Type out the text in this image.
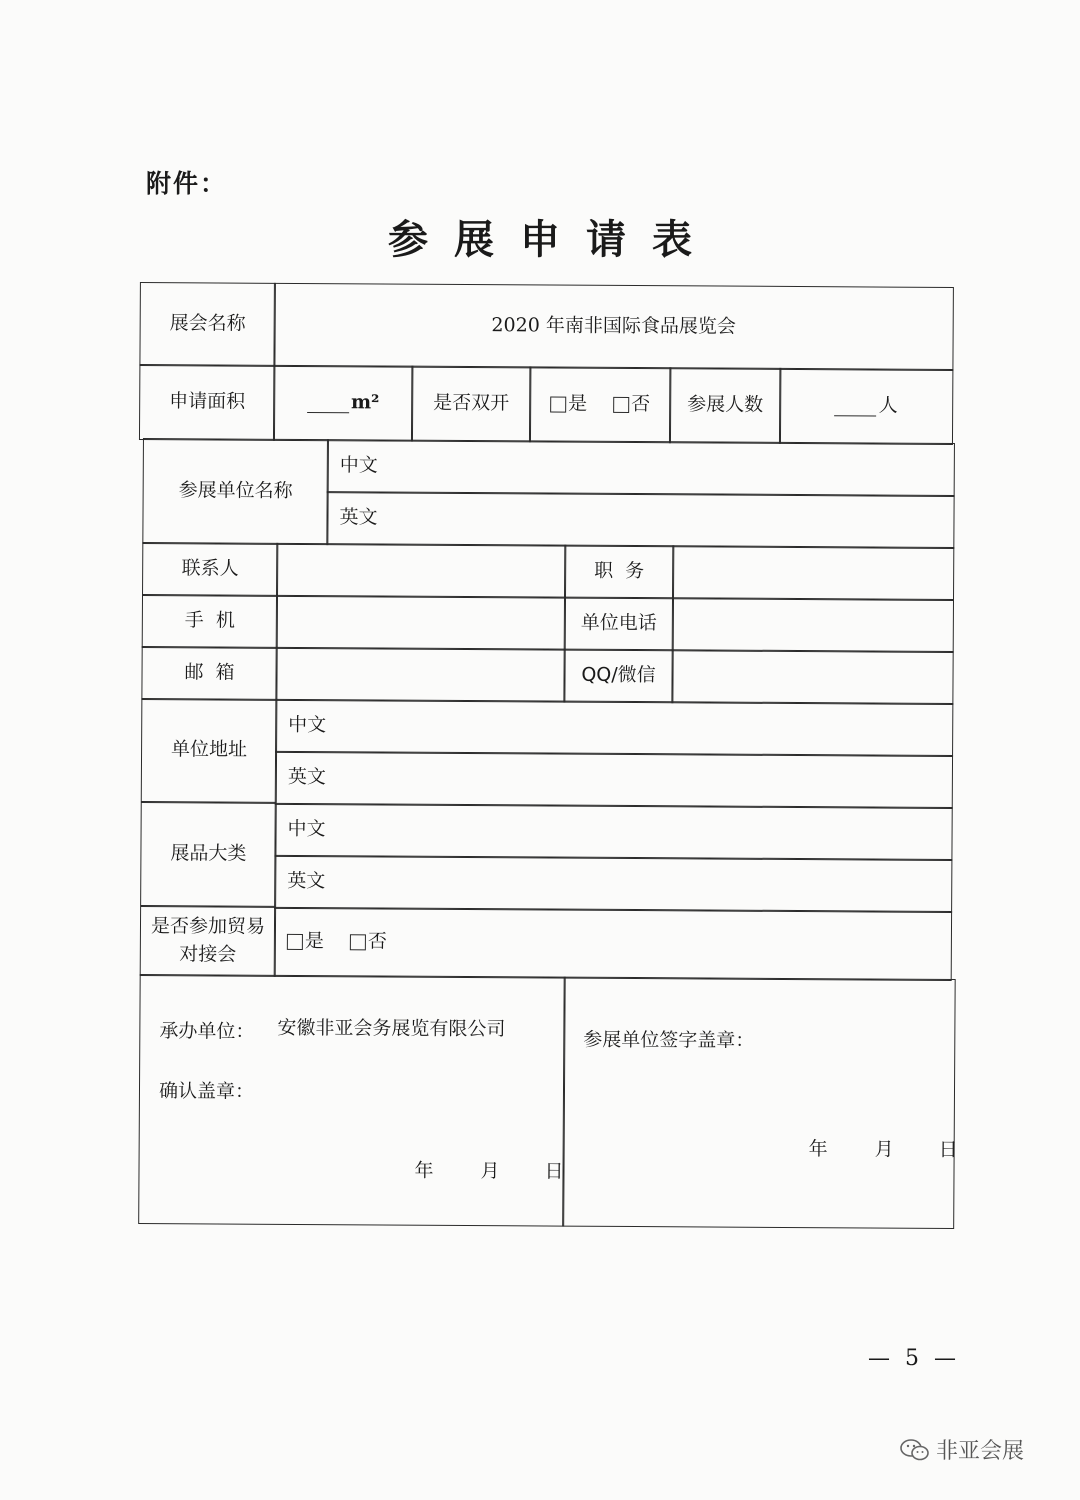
附件：
参展申请表
展会名称	2020 年南非国际食品展览会
申请面积	m²	是否双开	是 否	参展人数	人
参展单位名称
中文
英文
联系人	职  务
手  机	单位电话
邮  箱	QQ/微信
单位地址
中文
英文
展品大类
中文
英文
是否参加贸易对接会
是 否
承办单位： 安徽非亚会务展览有限公司
确认盖章：
年 月 日
参展单位签字盖章：
年 月 日
— 5 —
非亚会展
